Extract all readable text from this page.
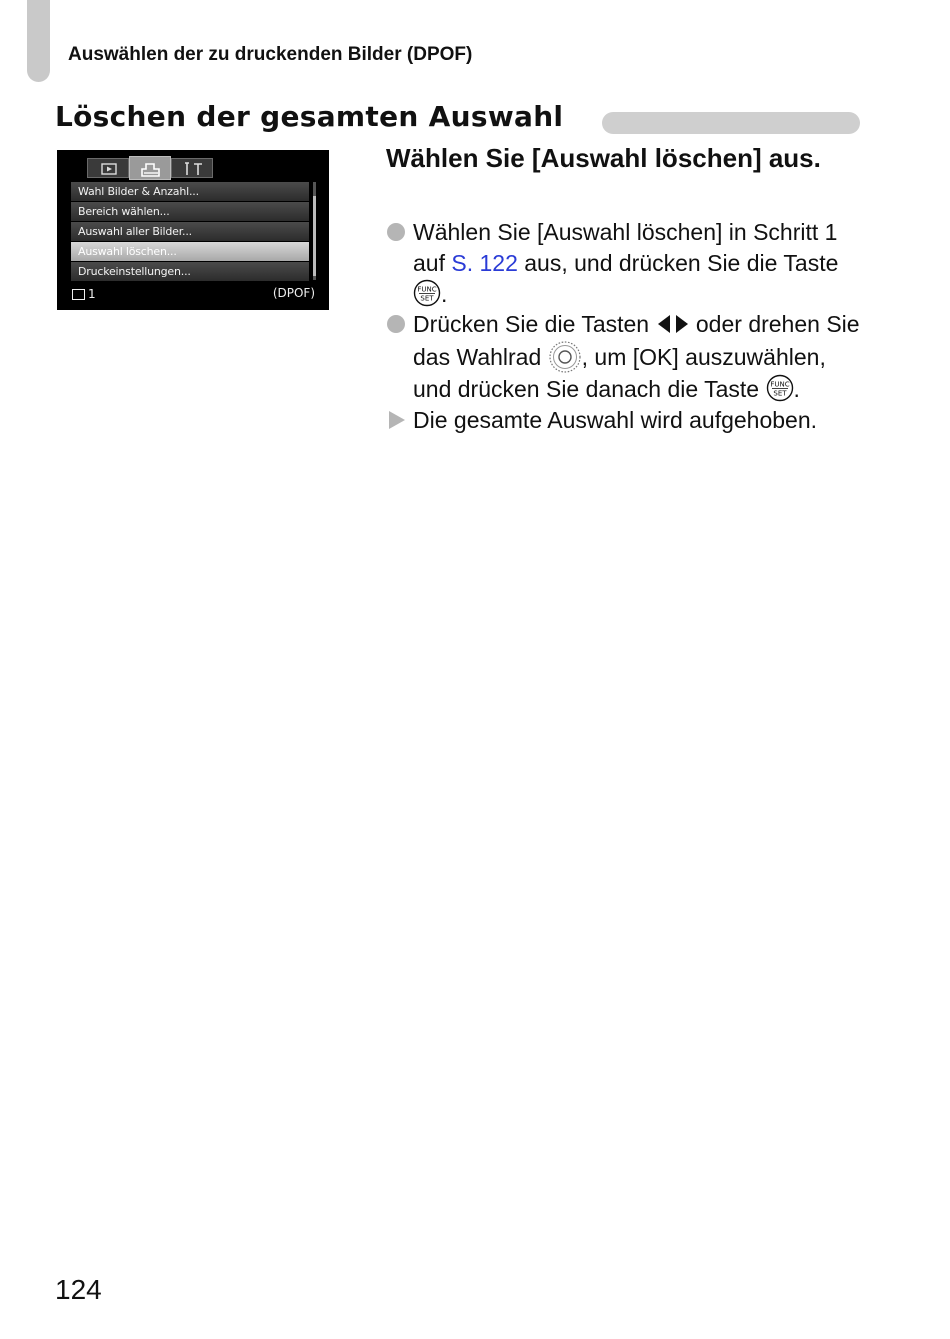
Auswählen der zu druckenden Bilder (DPOF)
Löschen der gesamten Auswahl
Wahl Bilder & Anzahl...
Bereich wählen...
Auswahl aller Bilder...
Auswahl löschen...
Druckeinstellungen...
1	(DPOF)
Wählen Sie [Auswahl löschen] aus.
Wählen Sie [Auswahl löschen] in Schritt 1 auf S. 122 aus, und drücken Sie die Taste
FUNC
SET .
Drücken Sie die Tasten  oder drehen Sie das Wahlrad , um [OK] auszuwählen, und drücken Sie danach die Taste FUNC
SET .
Die gesamte Auswahl wird aufgehoben.
124
